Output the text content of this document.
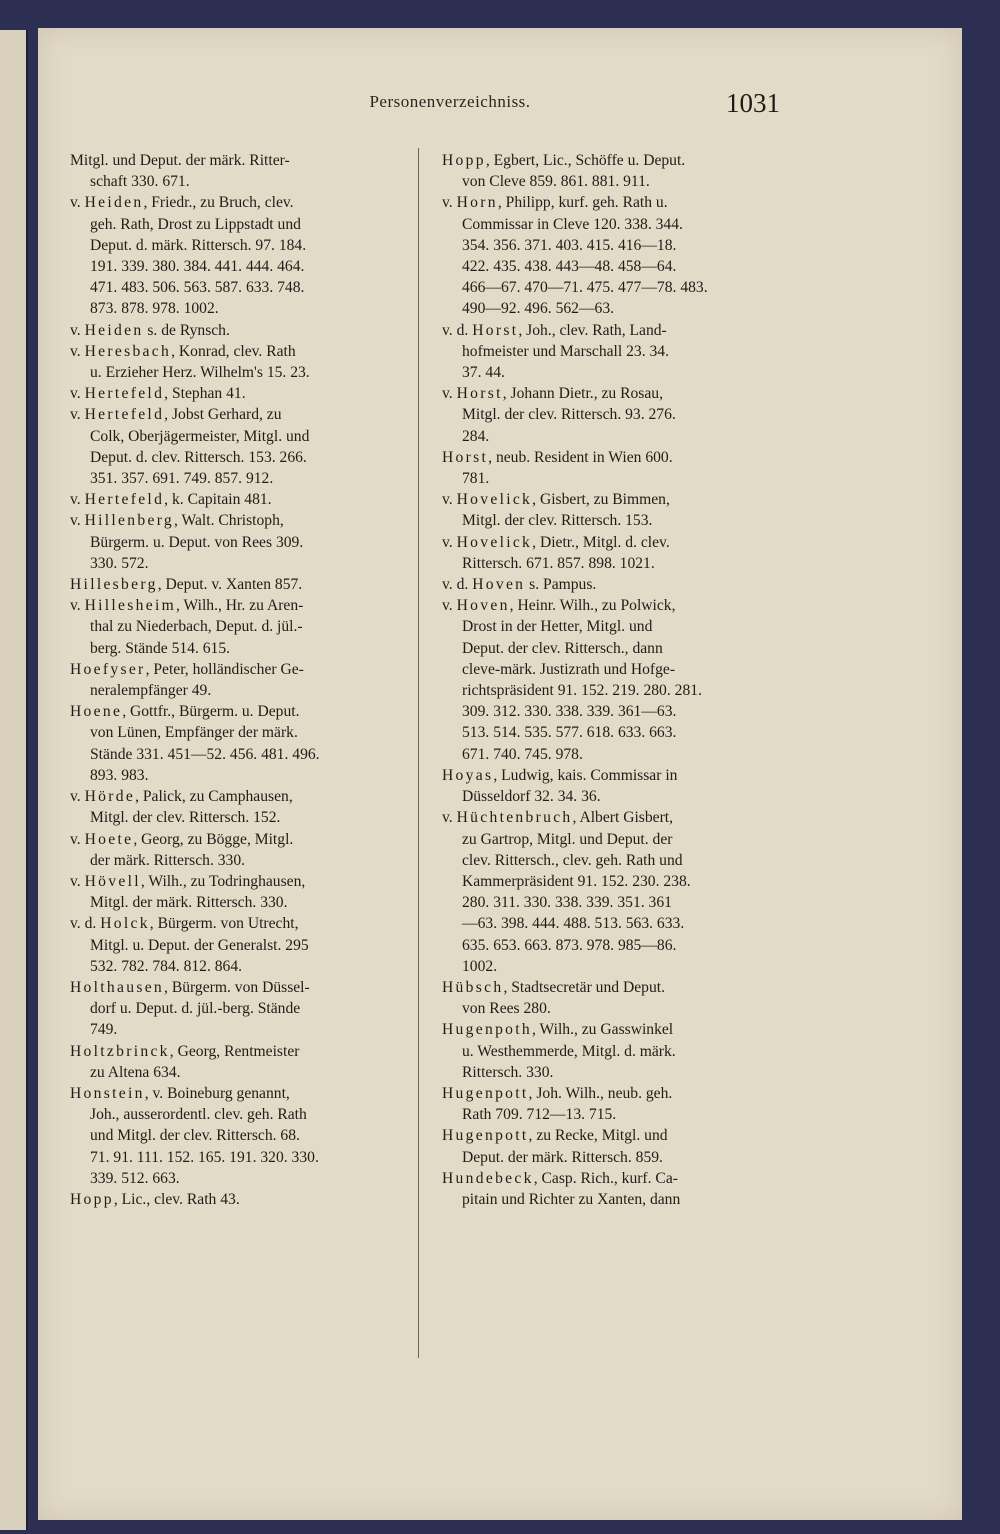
Personenverzeichniss.	1031

Mitgl. und Deput. der märk. Ritter-
schaft 330. 671.

v. Heiden, Friedr., zu Bruch, clev.
geh. Rath, Drost zu Lippstadt und
Deput. d. märk. Rittersch. 97. 184.
191. 339. 380. 384. 441. 444. 464.
471. 483. 506. 563. 587. 633. 748.
873. 878. 978. 1002.

v. Heiden s. de Rynsch.

v. Heresbach, Konrad, clev. Rath
u. Erzieher Herz. Wilhelm's 15. 23.

v. Hertefeld, Stephan 41.

v. Hertefeld, Jobst Gerhard, zu
Colk, Oberjägermeister, Mitgl. und
Deput. d. clev. Rittersch. 153. 266.
351. 357. 691. 749. 857. 912.

v. Hertefeld, k. Capitain 481.

v. Hillenberg, Walt. Christoph,
Bürgerm. u. Deput. von Rees 309.
330. 572.

Hillesberg, Deput. v. Xanten 857.

v. Hillesheim, Wilh., Hr. zu Aren-
thal zu Niederbach, Deput. d. jül.-
berg. Stände 514. 615.

Hoefyser, Peter, holländischer Ge-
neralempfänger 49.

Hoene, Gottfr., Bürgerm. u. Deput.
von Lünen, Empfänger der märk.
Stände 331. 451—52. 456. 481. 496.
893. 983.

v. Hörde, Palick, zu Camphausen,
Mitgl. der clev. Rittersch. 152.

v. Hoete, Georg, zu Bögge, Mitgl.
der märk. Rittersch. 330.

v. Hövell, Wilh., zu Todringhausen,
Mitgl. der märk. Rittersch. 330.

v. d. Holck, Bürgerm. von Utrecht,
Mitgl. u. Deput. der Generalst. 295
532. 782. 784. 812. 864.

Holthausen, Bürgerm. von Düssel-
dorf u. Deput. d. jül.-berg. Stände
749.

Holtzbrinck, Georg, Rentmeister
zu Altena 634.

Honstein, v. Boineburg genannt,
Joh., ausserordentl. clev. geh. Rath
und Mitgl. der clev. Rittersch. 68.
71. 91. 111. 152. 165. 191. 320. 330.
339. 512. 663.

Hopp, Lic., clev. Rath 43.

Hopp, Egbert, Lic., Schöffe u. Deput.
von Cleve 859. 861. 881. 911.

v. Horn, Philipp, kurf. geh. Rath u.
Commissar in Cleve 120. 338. 344.
354. 356. 371. 403. 415. 416—18.
422. 435. 438. 443—48. 458—64.
466—67. 470—71. 475. 477—78. 483.
490—92. 496. 562—63.

v. d. Horst, Joh., clev. Rath, Land-
hofmeister und Marschall 23. 34.
37. 44.

v. Horst, Johann Dietr., zu Rosau,
Mitgl. der clev. Rittersch. 93. 276.
284.

Horst, neub. Resident in Wien 600.
781.

v. Hovelick, Gisbert, zu Bimmen,
Mitgl. der clev. Rittersch. 153.

v. Hovelick, Dietr., Mitgl. d. clev.
Rittersch. 671. 857. 898. 1021.

v. d. Hoven s. Pampus.

v. Hoven, Heinr. Wilh., zu Polwick,
Drost in der Hetter, Mitgl. und
Deput. der clev. Rittersch., dann
cleve-märk. Justizrath und Hofge-
richtspräsident 91. 152. 219. 280. 281.
309. 312. 330. 338. 339. 361—63.
513. 514. 535. 577. 618. 633. 663.
671. 740. 745. 978.

Hoyas, Ludwig, kais. Commissar in
Düsseldorf 32. 34. 36.

v. Hüchtenbruch, Albert Gisbert,
zu Gartrop, Mitgl. und Deput. der
clev. Rittersch., clev. geh. Rath und
Kammerpräsident 91. 152. 230. 238.
280. 311. 330. 338. 339. 351. 361
—63. 398. 444. 488. 513. 563. 633.
635. 653. 663. 873. 978. 985—86.
1002.

Hübsch, Stadtsecretär und Deput.
von Rees 280.

Hugenpoth, Wilh., zu Gasswinkel
u. Westhemmerde, Mitgl. d. märk.
Rittersch. 330.

Hugenpott, Joh. Wilh., neub. geh.
Rath 709. 712—13. 715.

Hugenpott, zu Recke, Mitgl. und
Deput. der märk. Rittersch. 859.

Hundebeck, Casp. Rich., kurf. Ca-
pitain und Richter zu Xanten, dann
